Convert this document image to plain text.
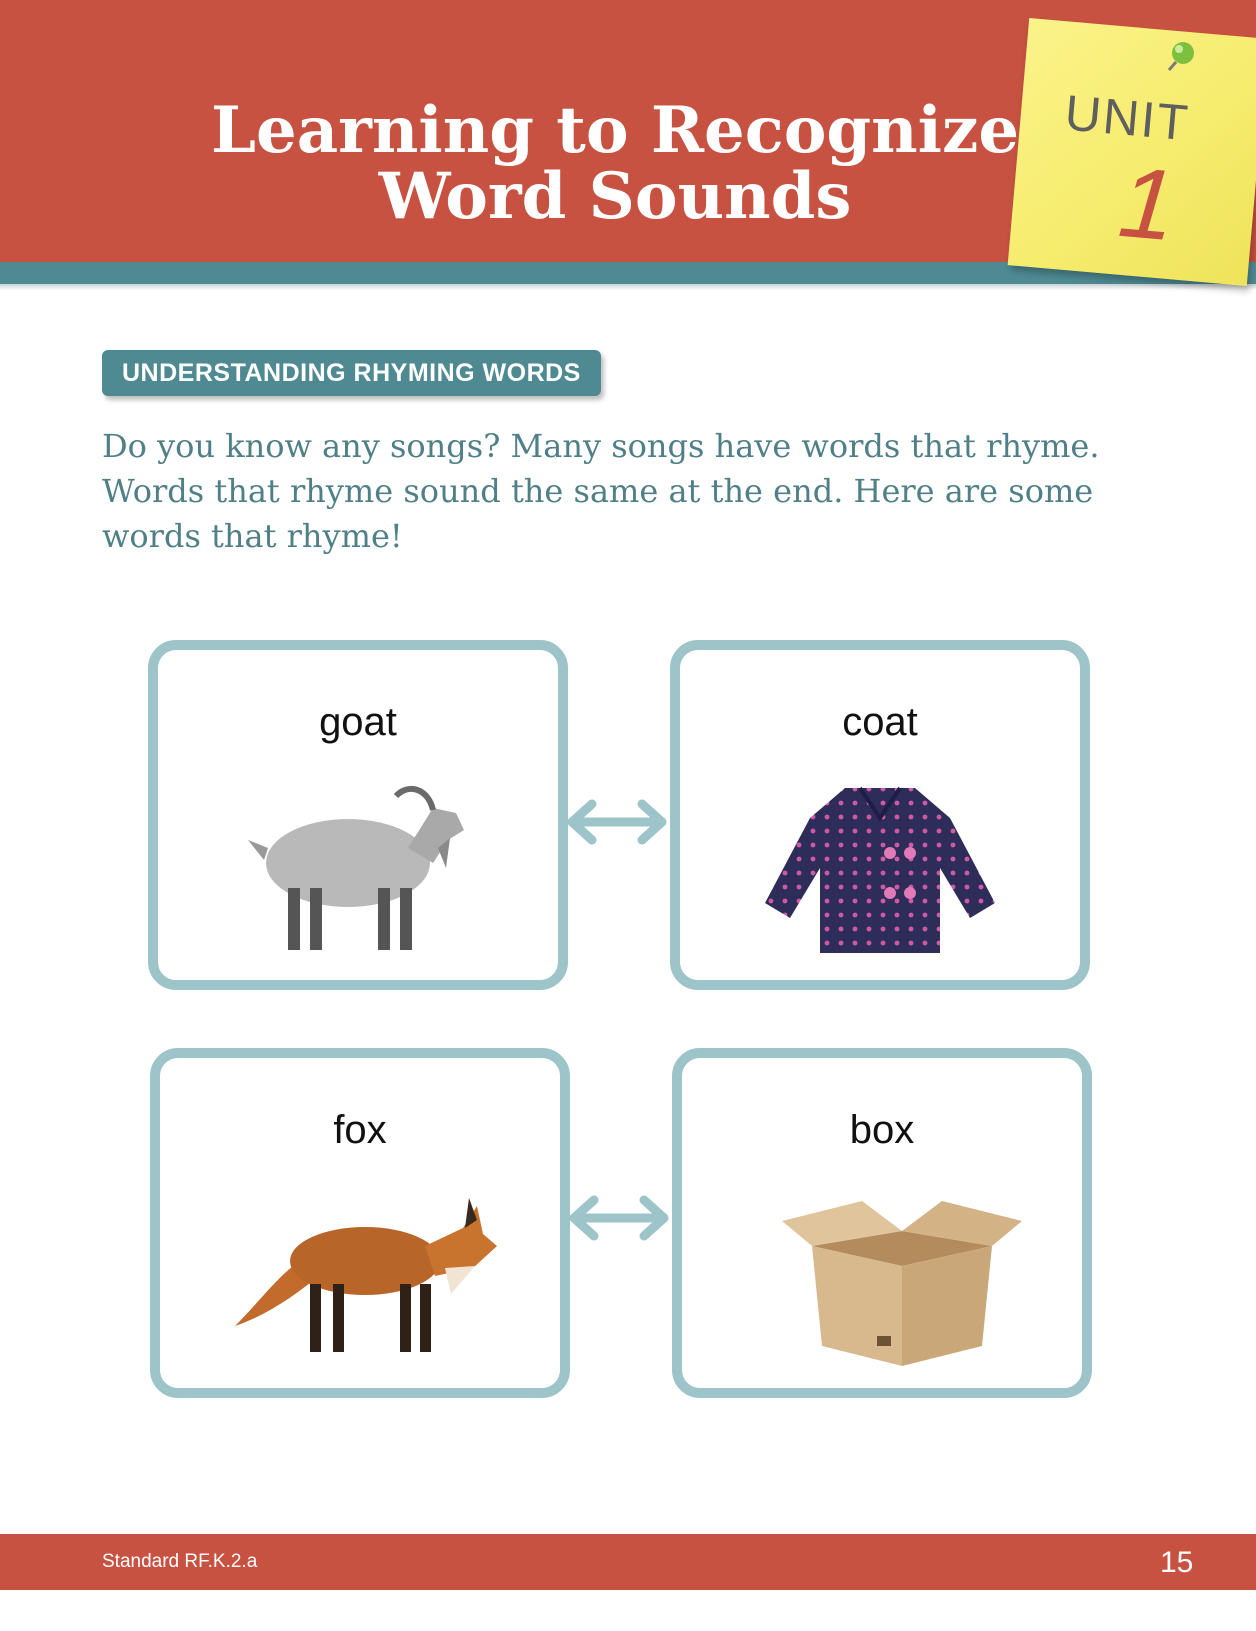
Learning to Recognize
Word Sounds
UNIT
1
UNDERSTANDING RHYMING WORDS

Do you know any songs? Many songs have words that rhyme. Words that rhyme sound the same at the end. Here are some words that rhyme!

goat	coat
fox	box
Standard RF.K.2.a	15
